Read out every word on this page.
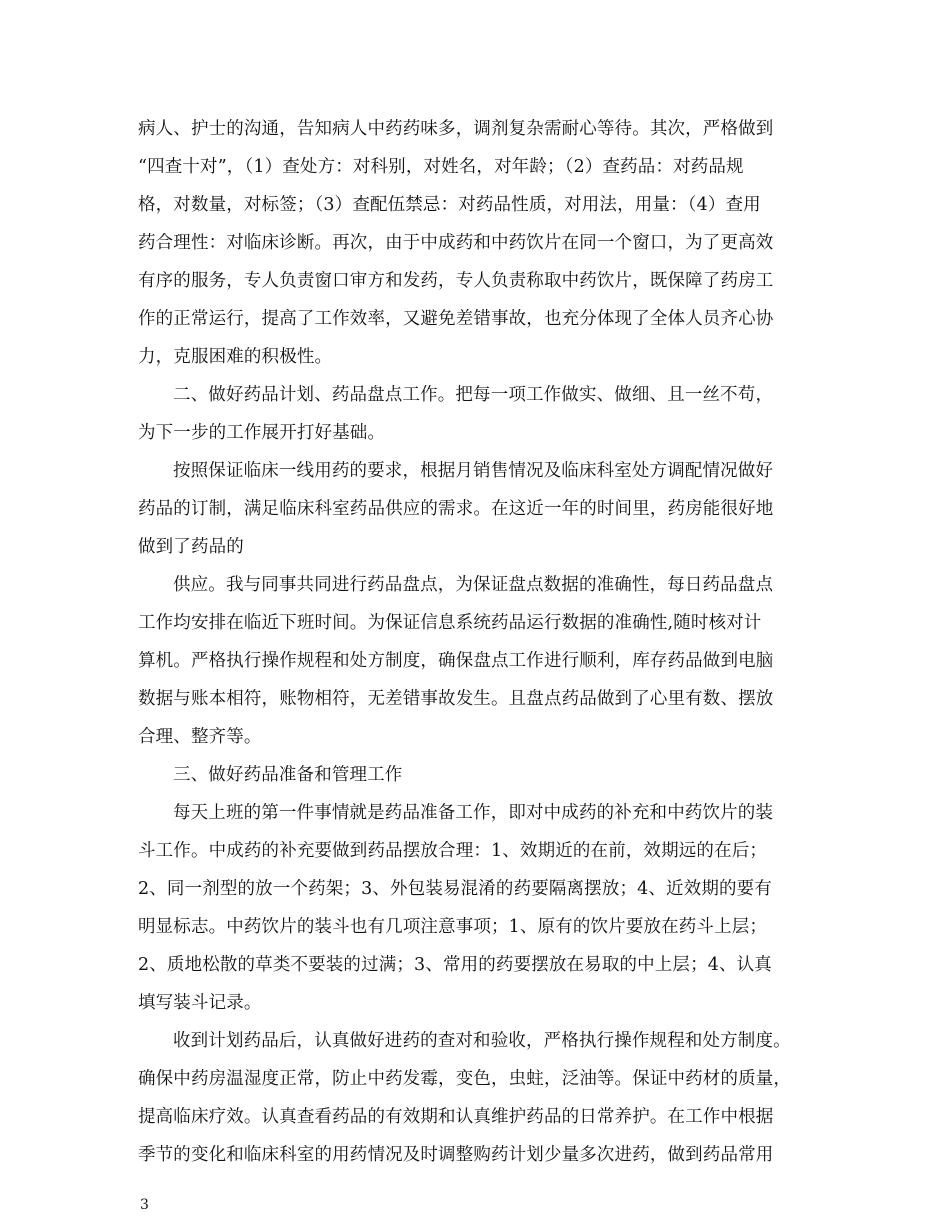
病人、护士的沟通，告知病人中药药味多，调剂复杂需耐心等待。其次，严格做到
“四查十对”，（1）查处方：对科别，对姓名，对年龄；（2）查药品：对药品规
格，对数量，对标签；（3）查配伍禁忌：对药品性质，对用法，用量：（4）查用
药合理性：对临床诊断。再次，由于中成药和中药饮片在同一个窗口，为了更高效
有序的服务，专人负责窗口审方和发药，专人负责称取中药饮片，既保障了药房工
作的正常运行，提高了工作效率，又避免差错事故，也充分体现了全体人员齐心协
力，克服困难的积极性。
二、做好药品计划、药品盘点工作。把每一项工作做实、做细、且一丝不苟，
为下一步的工作展开打好基础。
按照保证临床一线用药的要求，根据月销售情况及临床科室处方调配情况做好
药品的订制，满足临床科室药品供应的需求。在这近一年的时间里，药房能很好地
做到了药品的
供应。我与同事共同进行药品盘点，为保证盘点数据的准确性，每日药品盘点
工作均安排在临近下班时间。为保证信息系统药品运行数据的准确性,随时核对计
算机。严格执行操作规程和处方制度，确保盘点工作进行顺利，库存药品做到电脑
数据与账本相符，账物相符，无差错事故发生。且盘点药品做到了心里有数、摆放
合理、整齐等。
三、做好药品准备和管理工作
每天上班的第一件事情就是药品准备工作，即对中成药的补充和中药饮片的装
斗工作。中成药的补充要做到药品摆放合理：1、效期近的在前，效期远的在后；
2、同一剂型的放一个药架；3、外包装易混淆的药要隔离摆放；4、近效期的要有
明显标志。中药饮片的装斗也有几项注意事项；1、原有的饮片要放在药斗上层；
2、质地松散的草类不要装的过满；3、常用的药要摆放在易取的中上层；4、认真
填写装斗记录。
收到计划药品后，认真做好进药的查对和验收，严格执行操作规程和处方制度。
确保中药房温湿度正常，防止中药发霉，变色，虫蛀，泛油等。保证中药材的质量，
提高临床疗效。认真查看药品的有效期和认真维护药品的日常养护。在工作中根据
季节的变化和临床科室的用药情况及时调整购药计划少量多次进药，做到药品常用
3
